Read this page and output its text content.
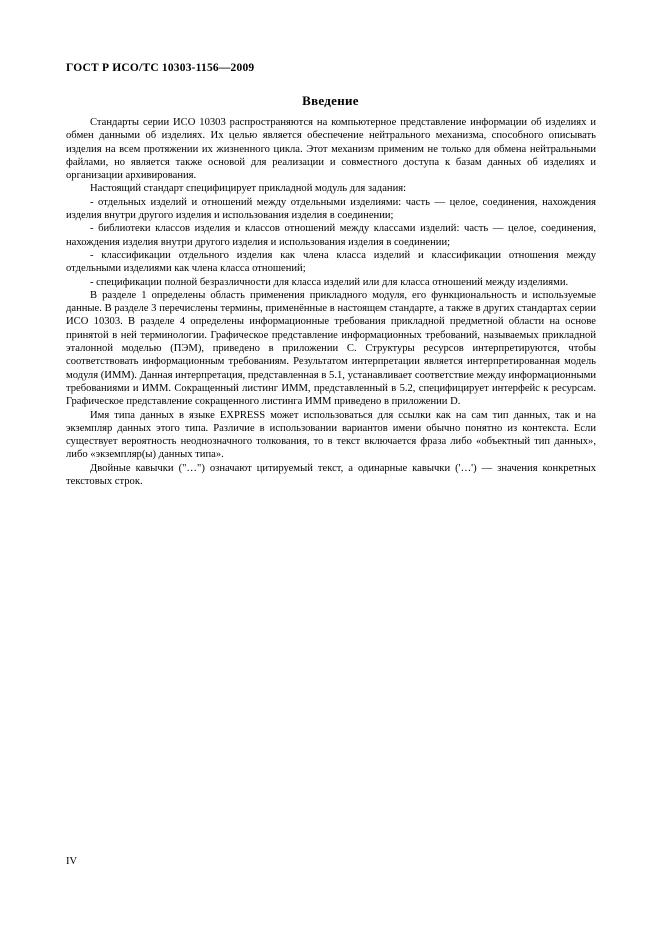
ГОСТ Р ИСО/ТС 10303-1156—2009
Введение

Стандарты серии ИСО 10303 распространяются на компьютерное представление информации об изделиях и обмен данными об изделиях. Их целью является обеспечение нейтрального механизма, способного описывать изделия на всем протяжении их жизненного цикла. Этот механизм применим не только для обмена нейтральными файлами, но является также основой для реализации и совместного доступа к базам данных об изделиях и организации архивирования.

Настоящий стандарт специфицирует прикладной модуль для задания:

- отдельных изделий и отношений между отдельными изделиями: часть — целое, соединения, нахождения изделия внутри другого изделия и использования изделия в соединении;

- библиотеки классов изделия и классов отношений между классами изделий: часть — целое, соединения, нахождения изделия внутри другого изделия и использования изделия в соединении;

- классификации отдельного изделия как члена класса изделий и классификации отношения между отдельными изделиями как члена класса отношений;

- спецификации полной безразличности для класса изделий или для класса отношений между изделиями.

В разделе 1 определены область применения прикладного модуля, его функциональность и используемые данные. В разделе 3 перечислены термины, применённые в настоящем стандарте, а также в других стандартах серии ИСО 10303. В разделе 4 определены информационные требования прикладной предметной области на основе принятой в ней терминологии. Графическое представление информационных требований, называемых прикладной эталонной моделью (ПЭМ), приведено в приложении С. Структуры ресурсов интерпретируются, чтобы соответствовать информационным требованиям. Результатом интерпретации является интерпретированная модель модуля (ИММ). Данная интерпретация, представленная в 5.1, устанавливает соответствие между информационными требованиями и ИММ. Сокращенный листинг ИММ, представленный в 5.2, специфицирует интерфейс к ресурсам. Графическое представление сокращенного листинга ИММ приведено в приложении D.

Имя типа данных в языке EXPRESS может использоваться для ссылки как на сам тип данных, так и на экземпляр данных этого типа. Различие в использовании вариантов имени обычно понятно из контекста. Если существует вероятность неоднозначного толкования, то в текст включается фраза либо «объектный тип данных», либо «экземпляр(ы) данных типа».

Двойные кавычки ("…") означают цитируемый текст, а одинарные кавычки ('…') — значения конкретных текстовых строк.

IV
